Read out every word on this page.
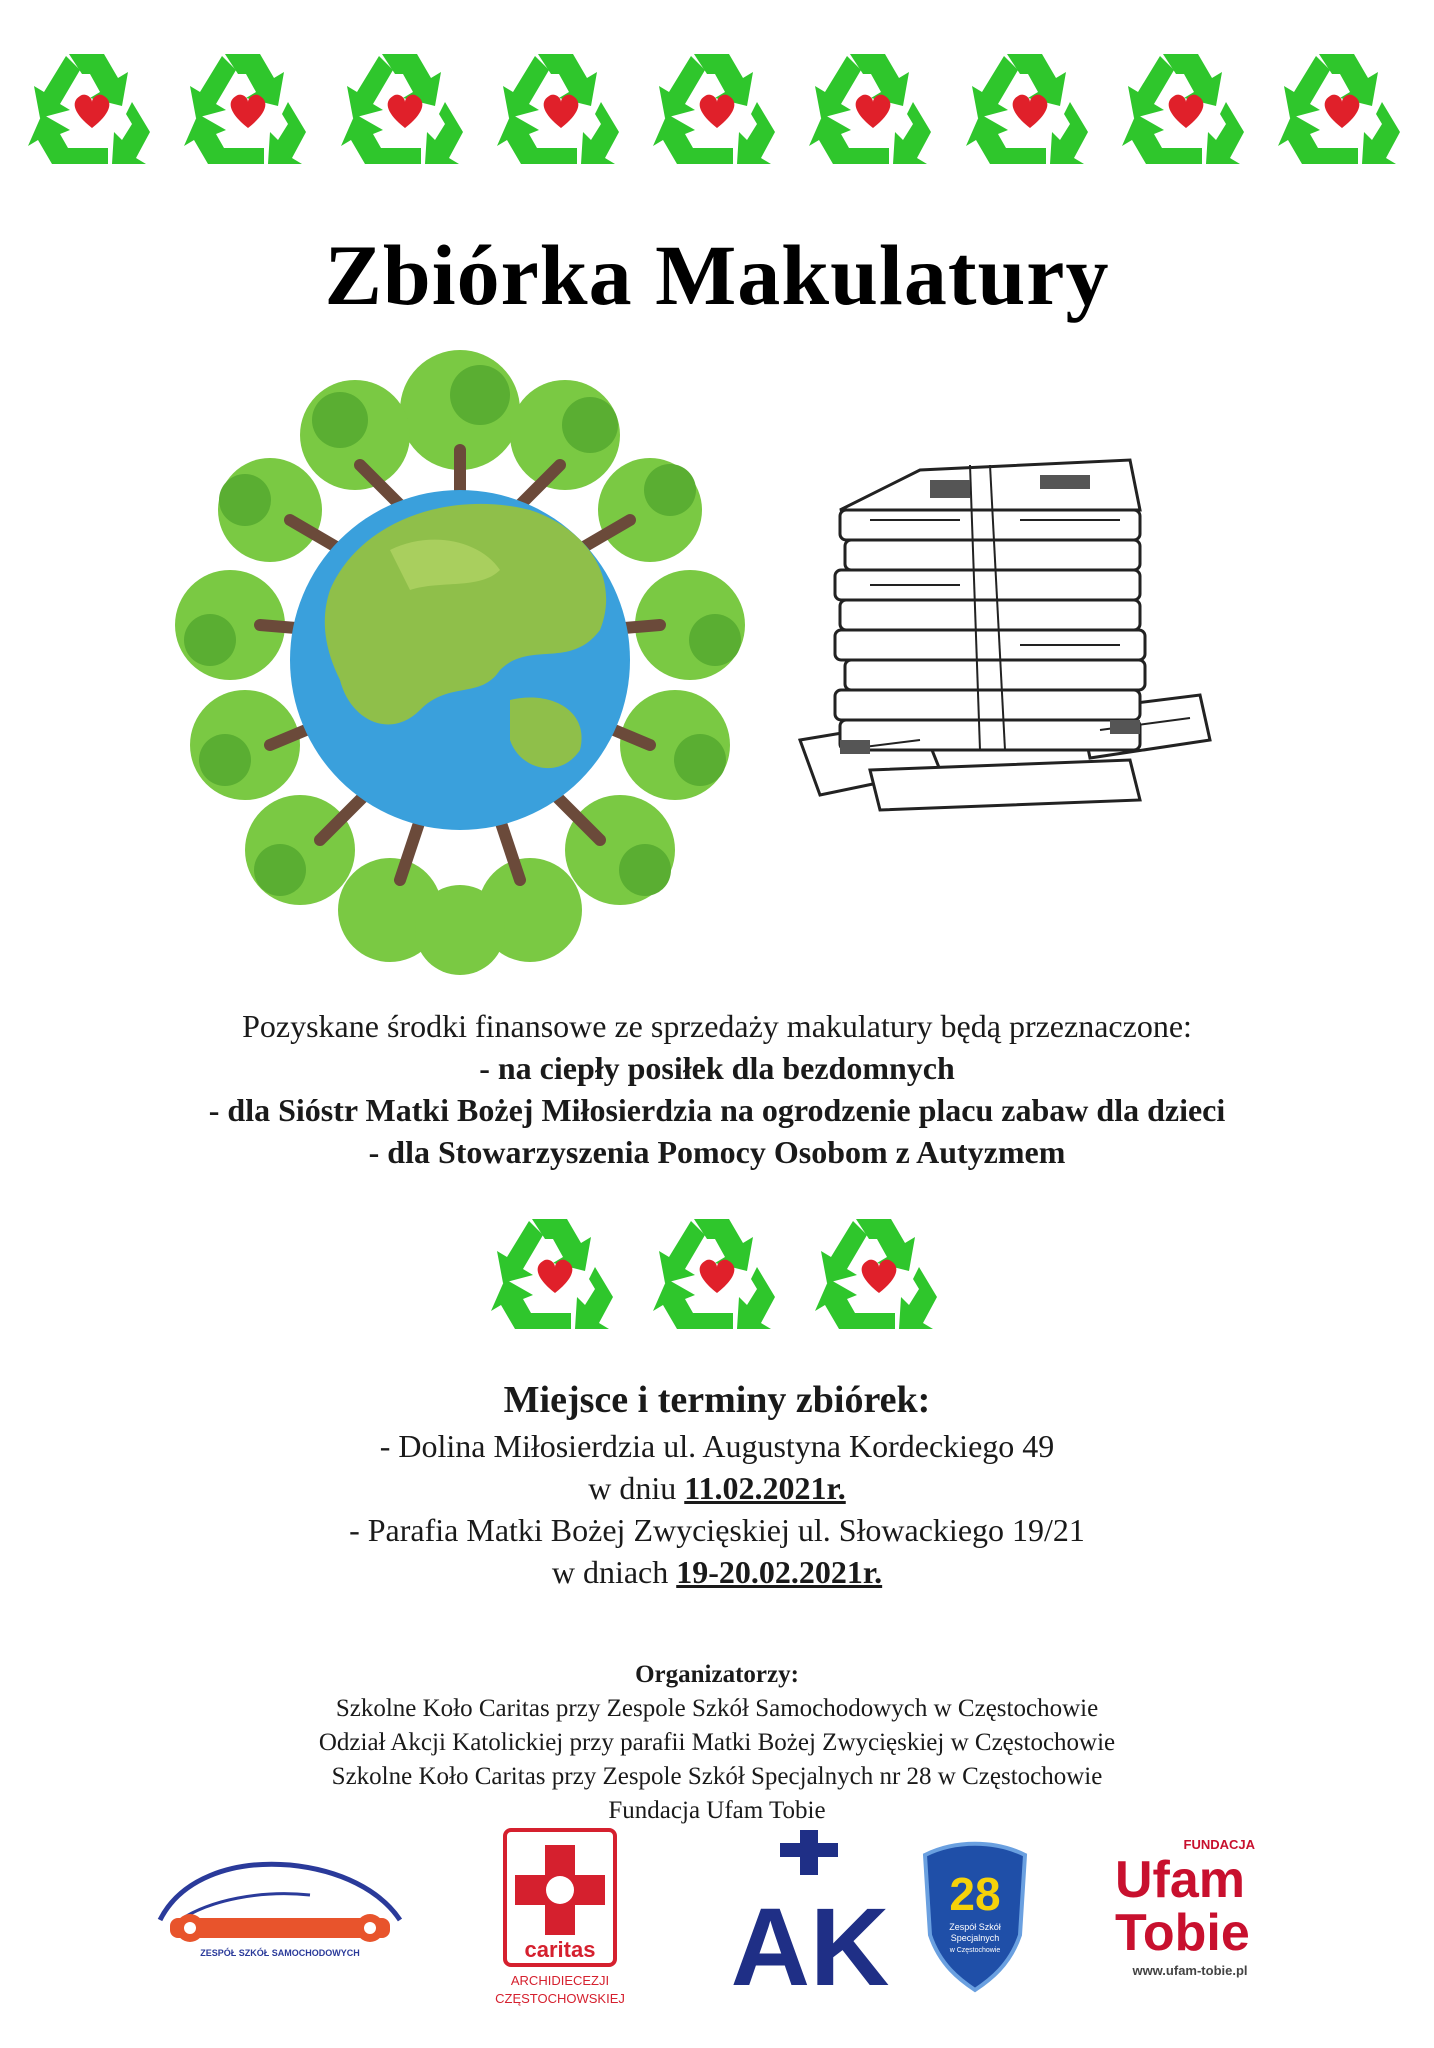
Zbiórka Makulatury
Pozyskane środki finansowe ze sprzedaży makulatury będą przeznaczone:
- na ciepły posiłek dla bezdomnych
- dla Sióstr Matki Bożej Miłosierdzia na ogrodzenie placu zabaw dla dzieci
- dla Stowarzyszenia Pomocy Osobom z Autyzmem
Miejsce i terminy zbiórek:
- Dolina Miłosierdzia ul. Augustyna Kordeckiego 49
w dniu 11.02.2021r.
- Parafia Matki Bożej Zwycięskiej ul. Słowackiego 19/21
w dniach 19-20.02.2021r.
Organizatorzy:
Szkolne Koło Caritas przy Zespole Szkół Samochodowych w Częstochowie
Odział Akcji Katolickiej przy parafii Matki Bożej Zwycięskiej w Częstochowie
Szkolne Koło Caritas przy Zespole Szkół Specjalnych nr 28 w Częstochowie
Fundacja Ufam Tobie
ZESPÓŁ SZKÓŁ SAMOCHODOWYCH	caritas
ARCHIDIECEZJI
CZĘSTOCHOWSKIEJ AK 28
Zespół Szkół
Specjalnych
w Częstochowie
FUNDACJA
Ufam
Tobie
www.ufam-tobie.pl
